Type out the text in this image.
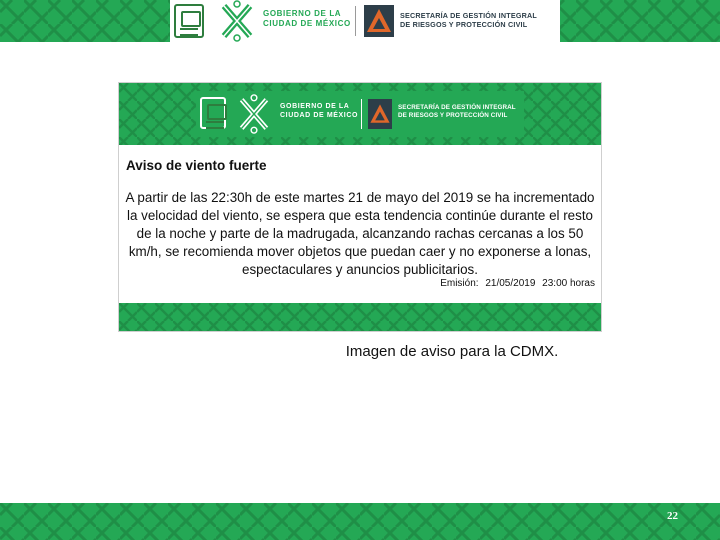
GOBIERNO DE LA
CIUDAD DE MÉXICO
SECRETARÍA DE GESTIÓN INTEGRAL
DE RIESGOS Y PROTECCIÓN CIVIL
GOBIERNO DE LA
CIUDAD DE MÉXICO
SECRETARÍA DE GESTIÓN INTEGRAL
DE RIESGOS Y PROTECCIÓN CIVIL
Aviso de viento fuerte

A partir de las 22:30h de este martes 21 de mayo del 2019 se ha incrementado la velocidad del viento, se espera que esta tendencia continúe durante el resto de la noche y parte de la madrugada, alcanzando rachas cercanas a los 50 km/h, se recomienda mover objetos que puedan caer y no exponerse a lonas, espectaculares y anuncios publicitarios.

Emisión: 21/05/2019 23:00 horas
Imagen de aviso para la CDMX.
22
